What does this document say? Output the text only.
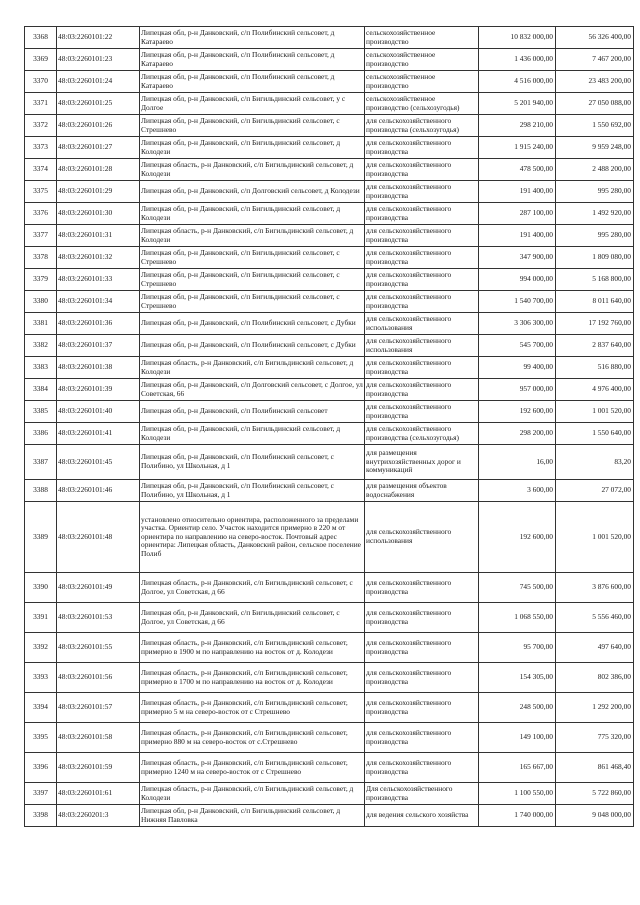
3368	48:03:2260101:22	Липецкая обл, р-н Данковский, с/п Полибинский сельсовет, д Катараево	сельскохозяйственное производство	10 832 000,00	56 326 400,00
3369	48:03:2260101:23	Липецкая обл, р-н Данковский, с/п Полибинский сельсовет, д Катараево	сельскохозяйственное производство	1 436 000,00	7 467 200,00
3370	48:03:2260101:24	Липецкая обл, р-н Данковский, с/п Полибинский сельсовет, д Катараево	сельскохозяйственное производство	4 516 000,00	23 483 200,00
3371	48:03:2260101:25	Липецкая обл, р-н Данковский, с/п Бигильдинский сельсовет, у с Долгое	сельскохозяйственное производство (сельхозугодья)	5 201 940,00	27 050 088,00
3372	48:03:2260101:26	Липецкая обл, р-н Данковский, с/п Бигильдинский сельсовет, с Стрешнево	для сельскохозяйственного производства (сельхозугодья)	298 210,00	1 550 692,00
3373	48:03:2260101:27	Липецкая обл, р-н Данковский, с/п Бигильдинский сельсовет, д Колодези	для сельскохозяйственного производства	1 915 240,00	9 959 248,00
3374	48:03:2260101:28	Липецкая область, р-н Данковский, с/п Бигильдинский сельсовет, д Колодези	для сельскохозяйственного производства	478 500,00	2 488 200,00
3375	48:03:2260101:29	Липецкая обл, р-н Данковский, с/п Долговский сельсовет, д Колодези	для сельскохозяйственного производства	191 400,00	995 280,00
3376	48:03:2260101:30	Липецкая обл, р-н Данковский, с/п Бигильдинский сельсовет, д Колодези	для сельскохозяйственного производства	287 100,00	1 492 920,00
3377	48:03:2260101:31	Липецкая область, р-н Данковский, с/п Бигильдинский сельсовет, д Колодези	для сельскохозяйственного производства	191 400,00	995 280,00
3378	48:03:2260101:32	Липецкая обл, р-н Данковский, с/п Бигильдинский сельсовет, с Стрешнево	для сельскохозяйственного производства	347 900,00	1 809 080,00
3379	48:03:2260101:33	Липецкая обл, р-н Данковский, с/п Бигильдинский сельсовет, с Стрешнево	для сельскохозяйственного производства	994 000,00	5 168 800,00
3380	48:03:2260101:34	Липецкая обл, р-н Данковский, с/п Бигильдинский сельсовет, с Стрешнево	для сельскохозяйственного производства	1 540 700,00	8 011 640,00
3381	48:03:2260101:36	Липецкая обл, р-н Данковский, с/п Полибинский сельсовет, с Дубки	для сельскохозяйственного использования	3 306 300,00	17 192 760,00
3382	48:03:2260101:37	Липецкая обл, р-н Данковский, с/п Полибинский сельсовет, с Дубки	для сельскохозяйственного использования	545 700,00	2 837 640,00
3383	48:03:2260101:38	Липецкая область, р-н Данковский, с/п Бигильдинский сельсовет, д Колодези	для сельскохозяйственного производства	99 400,00	516 880,00
3384	48:03:2260101:39	Липецкая обл, р-н Данковский, с/п Долговский сельсовет, с Долгое, ул Советская, 66	для сельскохозяйственного производства	957 000,00	4 976 400,00
3385	48:03:2260101:40	Липецкая обл, р-н Данковский, с/п Полибинский сельсовет	для сельскохозяйственного производства	192 600,00	1 001 520,00
3386	48:03:2260101:41	Липецкая обл, р-н Данковский, с/п Бигильдинский сельсовет, д Колодези	для сельскохозяйственного производства (сельхозугодья)	298 200,00	1 550 640,00
3387	48:03:2260101:45	Липецкая обл, р-н Данковский, с/п Полибинский сельсовет, с Полибино, ул Школьная, д 1	для размещения внутрихозяйственных дорог и коммуникаций	16,00	83,20
3388	48:03:2260101:46	Липецкая обл, р-н Данковский, с/п Полибинский сельсовет, с Полибино, ул Школьная, д 1	для размещения объектов водоснабжения	3 600,00	27 072,00
3389	48:03:2260101:48	установлено относительно ориентира, расположенного за пределами участка. Ориентир село. Участок находится примерно в 220 м от ориентира по направлению на северо-восток. Почтовый адрес ориентира: Липецкая область, Данковский район, сельское поселение Полиб	для сельскохозяйственного использования	192 600,00	1 001 520,00
3390	48:03:2260101:49	Липецкая область, р-н Данковский, с/п Бигильдинский сельсовет, с Долгое, ул Советская, д 66	для сельскохозяйственного производства	745 500,00	3 876 600,00
3391	48:03:2260101:53	Липецкая обл, р-н Данковский, с/п Бигильдинский сельсовет, с Долгое, ул Советская, д 66	для сельскохозяйственного производства	1 068 550,00	5 556 460,00
3392	48:03:2260101:55	Липецкая область, р-н Данковский, с/п Бигильдинский сельсовет, примерно в 1900 м по направлению на восток от д. Колодези	для сельскохозяйственного производства	95 700,00	497 640,00
3393	48:03:2260101:56	Липецкая область, р-н Данковский, с/п Бигильдинский сельсовет, примерно в 1700 м по направлению на восток от д. Колодези	для сельскохозяйственного производства	154 305,00	802 386,00
3394	48:03:2260101:57	Липецкая область, р-н Данковский, с/п Бигильдинский сельсовет, примерно 5 м на северо-восток от с Стрешнево	для сельскохозяйственного производства	248 500,00	1 292 200,00
3395	48:03:2260101:58	Липецкая область, р-н Данковский, с/п Бигильдинский сельсовет, примерно 880 м на северо-восток от с.Стрешнево	для сельскохозяйственного производства	149 100,00	775 320,00
3396	48:03:2260101:59	Липецкая область, р-н Данковский, с/п Бигильдинский сельсовет, примерно 1240 м на северо-восток от с Стрешнево	для сельскохозяйственного производства	165 667,00	861 468,40
3397	48:03:2260101:61	Липецкая область, р-н Данковский, с/п Бигильдинский сельсовет, д Колодези	Для сельскохозяйственного производства	1 100 550,00	5 722 860,00
3398	48:03:2260201:3	Липецкая обл, р-н Данковский, с/п Бигильдинский сельсовет, д Нижняя Павловка	для ведения сельского хозяйства	1 740 000,00	9 048 000,00
